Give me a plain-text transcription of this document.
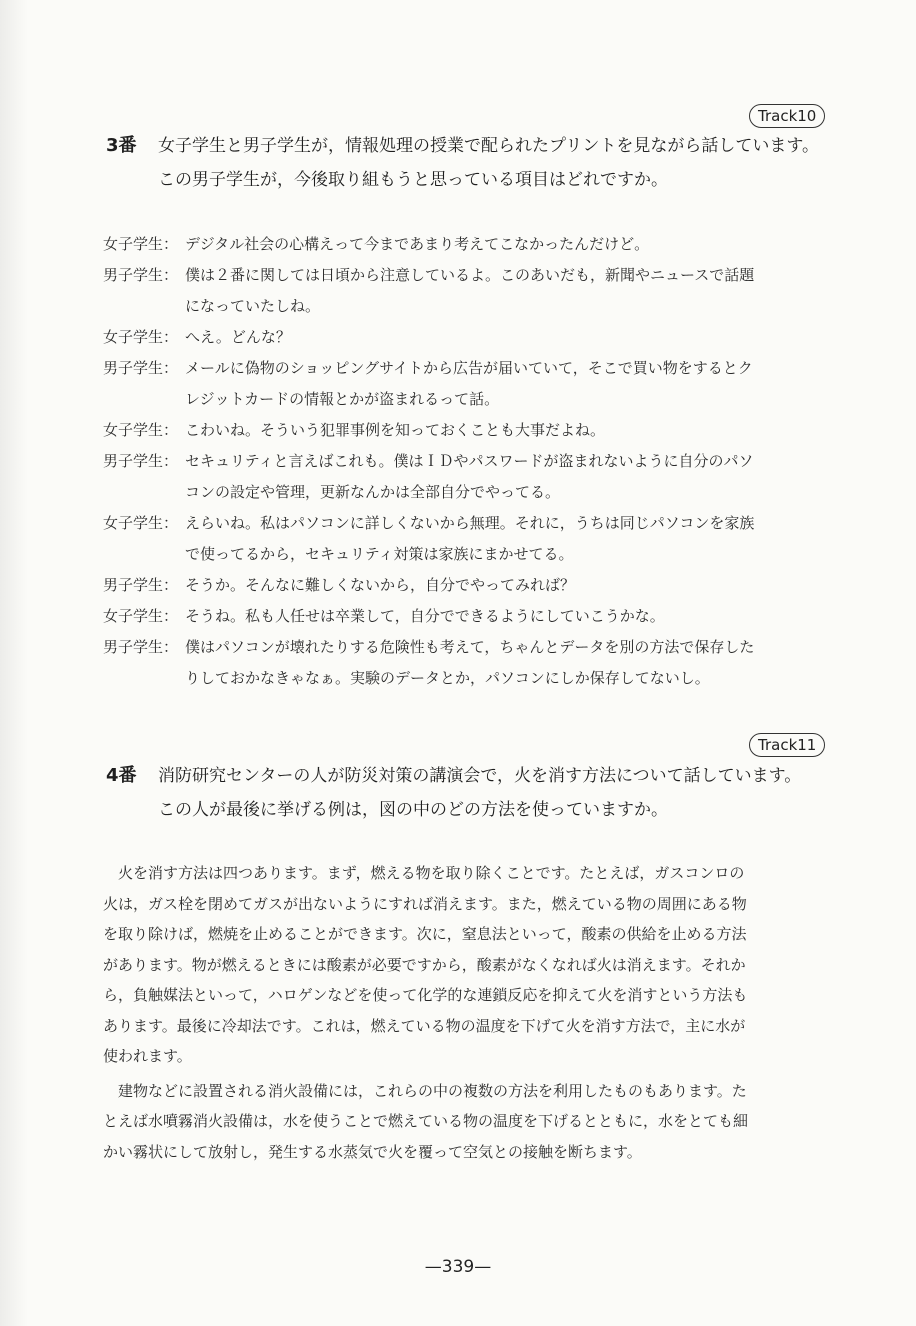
Track10
3番 女子学生と男子学生が，情報処理の授業で配られたプリントを見ながら話しています。
この男子学生が，今後取り組もうと思っている項目はどれですか。
女子学生： デジタル社会の心構えって今まであまり考えてこなかったんだけど。
男子学生： 僕は２番に関しては日頃から注意しているよ。このあいだも，新聞やニュースで話題
になっていたしね。
女子学生： へえ。どんな？
男子学生： メールに偽物のショッピングサイトから広告が届いていて，そこで買い物をするとク
レジットカードの情報とかが盗まれるって話。
女子学生： こわいね。そういう犯罪事例を知っておくことも大事だよね。
男子学生： セキュリティと言えばこれも。僕はＩＤやパスワードが盗まれないように自分のパソ
コンの設定や管理，更新なんかは全部自分でやってる。
女子学生： えらいね。私はパソコンに詳しくないから無理。それに，うちは同じパソコンを家族
で使ってるから，セキュリティ対策は家族にまかせてる。
男子学生： そうか。そんなに難しくないから，自分でやってみれば？
女子学生： そうね。私も人任せは卒業して，自分でできるようにしていこうかな。
男子学生： 僕はパソコンが壊れたりする危険性も考えて，ちゃんとデータを別の方法で保存した
りしておかなきゃなぁ。実験のデータとか，パソコンにしか保存してないし。
Track11
4番 消防研究センターの人が防災対策の講演会で，火を消す方法について話しています。
この人が最後に挙げる例は，図の中のどの方法を使っていますか。
　火を消す方法は四つあります。まず，燃える物を取り除くことです。たとえば，ガスコンロの
火は，ガス栓を閉めてガスが出ないようにすれば消えます。また，燃えている物の周囲にある物
を取り除けば，燃焼を止めることができます。次に，窒息法といって，酸素の供給を止める方法
があります。物が燃えるときには酸素が必要ですから，酸素がなくなれば火は消えます。それか
ら，負触媒法といって，ハロゲンなどを使って化学的な連鎖反応を抑えて火を消すという方法も
あります。最後に冷却法です。これは，燃えている物の温度を下げて火を消す方法で，主に水が
使われます。
　建物などに設置される消火設備には，これらの中の複数の方法を利用したものもあります。た
とえば水噴霧消火設備は，水を使うことで燃えている物の温度を下げるとともに，水をとても細
かい霧状にして放射し，発生する水蒸気で火を覆って空気との接触を断ちます。
—339—
